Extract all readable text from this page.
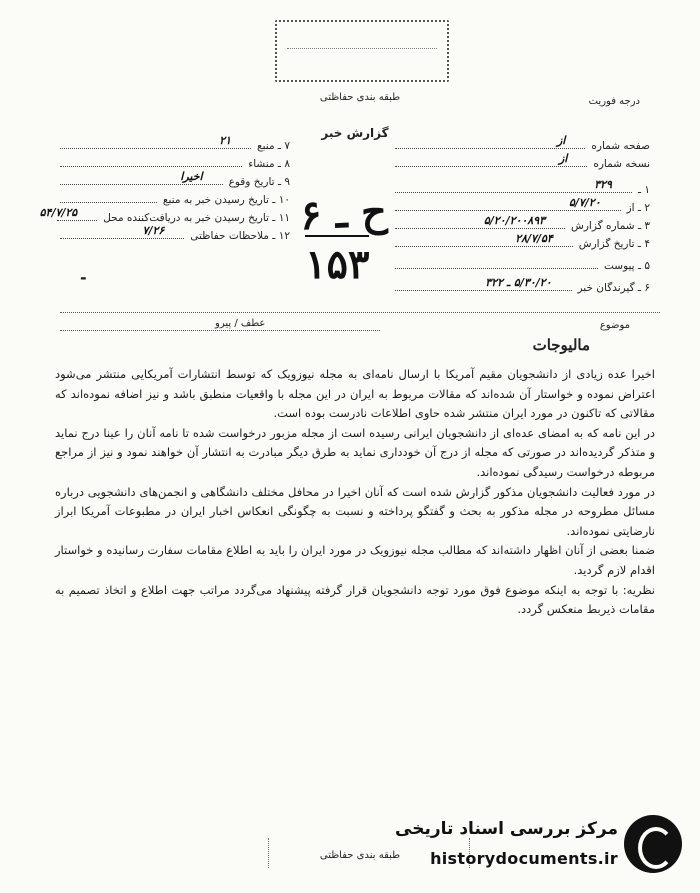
درجه فوریت
طبقه بندی حفاظتی
گزارش خبر
صفحه شماره
از
نسخه شماره
از
۱ ـ
۳۲۹
۲ ـ از
۵/۷/۲۰
۳ ـ شماره گزارش
۵/۲۰/۲۰۰۸۹۳
۴ ـ تاریخ گزارش
۲۸/۷/۵۴
۵ ـ پیوست
۶ ـ گیرندگان خبر
۵/۳۰/۲۰ ـ ۳۲۲
۷ ـ منبع
۲۱
۸ ـ منشاء
۹ ـ تاریخ وقوع
اخیرا
۱۰ ـ تاریخ رسیدن خبر به منبع
۱۱ ـ تاریخ رسیدن خبر به دریافت‌کننده محل
۵۴/۷/۲۵
۱۲ ـ ملاحظات حفاظتی
۷/۲۶	ح ـ ۶
۱۵۳
-
عطف / پیرو	موضوع
مالیوجات

اخیرا عده زیادی از دانشجویان مقیم آمریکا با ارسال نامه‌ای به مجله نیوزویک که توسط انتشارات آمریکایی منتشر می‌شود اعتراض نموده و خواستار آن شده‌اند که مقالات مربوط به ایران در این مجله با واقعیات منطبق باشد و نیز اضافه نموده‌اند که مقالاتی که تاکنون در مورد ایران منتشر شده حاوی اطلاعات نادرست بوده است.

در این نامه که به امضای عده‌ای از دانشجویان ایرانی رسیده است از مجله مزبور درخواست شده تا نامه آنان را عینا درج نماید و متذکر گردیده‌اند در صورتی که مجله از درج آن خودداری نماید به طرق دیگر مبادرت به انتشار آن خواهند نمود و نیز از مراجع مربوطه درخواست رسیدگی نموده‌اند.

در مورد فعالیت دانشجویان مذکور گزارش شده است که آنان اخیرا در محافل مختلف دانشگاهی و انجمن‌های دانشجویی درباره مسائل مطروحه در مجله مذکور به بحث و گفتگو پرداخته و نسبت به چگونگی انعکاس اخبار ایران در مطبوعات آمریکا ابراز نارضایتی نموده‌اند.

ضمنا بعضی از آنان اظهار داشته‌اند که مطالب مجله نیوزویک در مورد ایران را باید به اطلاع مقامات سفارت رسانیده و خواستار اقدام لازم گردید.

نظریه: با توجه به اینکه موضوع فوق مورد توجه دانشجویان قرار گرفته پیشنهاد می‌گردد مراتب جهت اطلاع و اتخاذ تصمیم به مقامات ذیربط منعکس گردد.

طبقه بندی حفاظتی
مرکز بررسی اسناد تاریخی
historydocuments.ir
